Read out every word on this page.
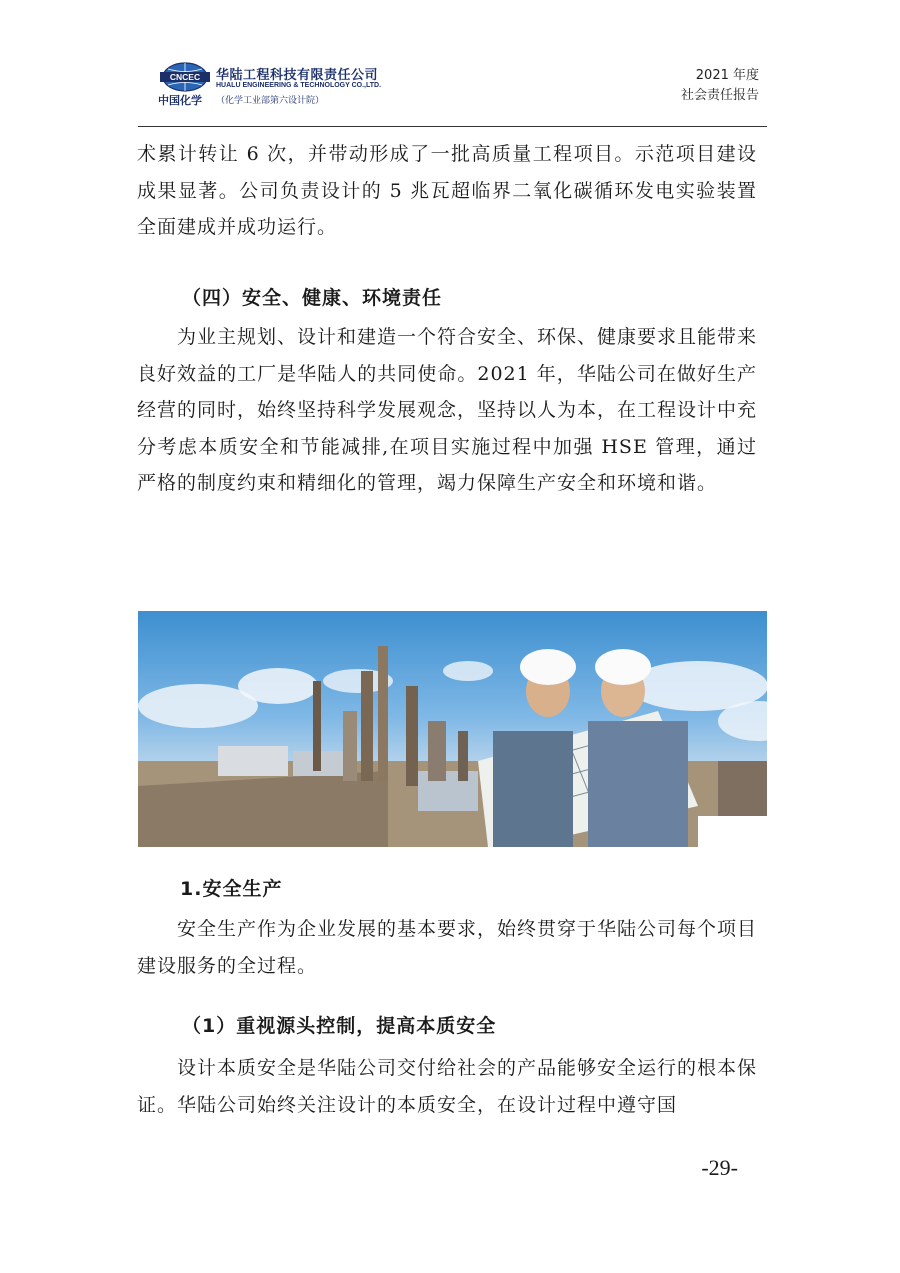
CNCEC
中国化学
华陆工程科技有限责任公司
HUALU ENGINEERING & TECHNOLOGY CO.,LTD.
（化学工业部第六设计院）
2021 年度
社会责任报告

术累计转让 6 次，并带动形成了一批高质量工程项目。示范项目建设成果显著。公司负责设计的 5 兆瓦超临界二氧化碳循环发电实验装置全面建成并成功运行。

（四）安全、健康、环境责任

为业主规划、设计和建造一个符合安全、环保、健康要求且能带来良好效益的工厂是华陆人的共同使命。2021 年，华陆公司在做好生产经营的同时，始终坚持科学发展观念，坚持以人为本，在工程设计中充分考虑本质安全和节能减排,在项目实施过程中加强 HSE 管理，通过严格的制度约束和精细化的管理，竭力保障生产安全和环境和谐。

1.安全生产

安全生产作为企业发展的基本要求，始终贯穿于华陆公司每个项目建设服务的全过程。

（1）重视源头控制，提高本质安全

设计本质安全是华陆公司交付给社会的产品能够安全运行的根本保证。华陆公司始终关注设计的本质安全，在设计过程中遵守国

-29-
